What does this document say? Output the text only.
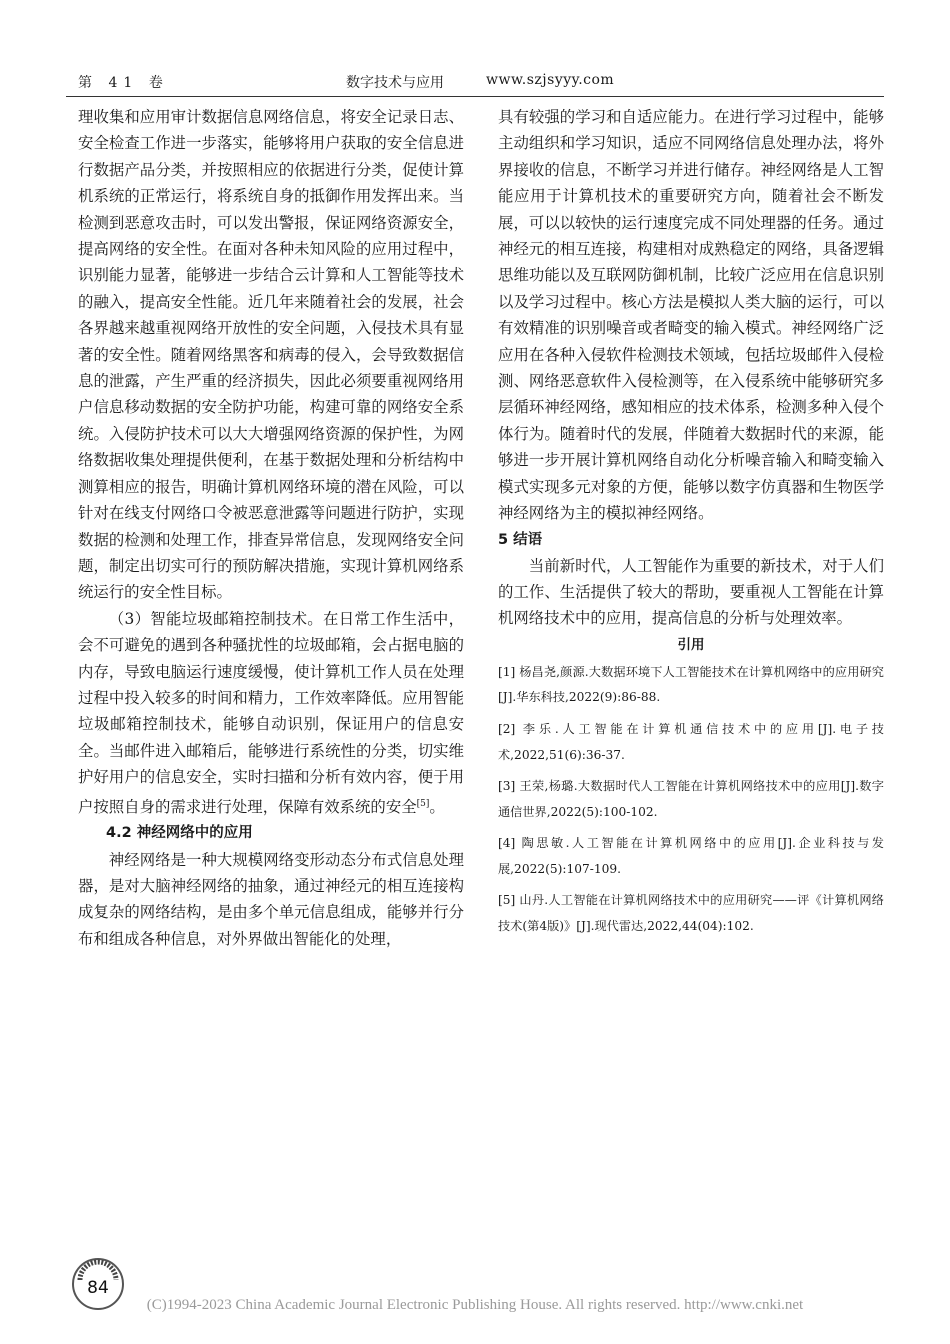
第 41 卷	数字技术与应用	www.szjsyyy.com

理收集和应用审计数据信息网络信息，将安全记录日志、安全检查工作进一步落实，能够将用户获取的安全信息进行数据产品分类，并按照相应的依据进行分类，促使计算机系统的正常运行，将系统自身的抵御作用发挥出来。当检测到恶意攻击时，可以发出警报，保证网络资源安全，提高网络的安全性。在面对各种未知风险的应用过程中，识别能力显著，能够进一步结合云计算和人工智能等技术的融入，提高安全性能。近几年来随着社会的发展，社会各界越来越重视网络开放性的安全问题，入侵技术具有显著的安全性。随着网络黑客和病毒的侵入，会导致数据信息的泄露，产生严重的经济损失，因此必须要重视网络用户信息移动数据的安全防护功能，构建可靠的网络安全系统。入侵防护技术可以大大增强网络资源的保护性，为网络数据收集处理提供便利，在基于数据处理和分析结构中测算相应的报告，明确计算机网络环境的潜在风险，可以针对在线支付网络口令被恶意泄露等问题进行防护，实现数据的检测和处理工作，排查异常信息，发现网络安全问题，制定出切实可行的预防解决措施，实现计算机网络系统运行的安全性目标。

（3）智能垃圾邮箱控制技术。在日常工作生活中，会不可避免的遇到各种骚扰性的垃圾邮箱，会占据电脑的内存，导致电脑运行速度缓慢，使计算机工作人员在处理过程中投入较多的时间和精力，工作效率降低。应用智能垃圾邮箱控制技术，能够自动识别，保证用户的信息安全。当邮件进入邮箱后，能够进行系统性的分类，切实维护好用户的信息安全，实时扫描和分析有效内容，便于用户按照自身的需求进行处理，保障有效系统的安全[5]。

4.2 神经网络中的应用

神经网络是一种大规模网络变形动态分布式信息处理器，是对大脑神经网络的抽象，通过神经元的相互连接构成复杂的网络结构，是由多个单元信息组成，能够并行分布和组成各种信息，对外界做出智能化的处理，

具有较强的学习和自适应能力。在进行学习过程中，能够主动组织和学习知识，适应不同网络信息处理办法，将外界接收的信息，不断学习并进行储存。神经网络是人工智能应用于计算机技术的重要研究方向，随着社会不断发展，可以以较快的运行速度完成不同处理器的任务。通过神经元的相互连接，构建相对成熟稳定的网络，具备逻辑思维功能以及互联网防御机制，比较广泛应用在信息识别以及学习过程中。核心方法是模拟人类大脑的运行，可以有效精准的识别噪音或者畸变的输入模式。神经网络广泛应用在各种入侵软件检测技术领域，包括垃圾邮件入侵检测、网络恶意软件入侵检测等，在入侵系统中能够研究多层循环神经网络，感知相应的技术体系，检测多种入侵个体行为。随着时代的发展，伴随着大数据时代的来源，能够进一步开展计算机网络自动化分析噪音输入和畸变输入模式实现多元对象的方便，能够以数字仿真器和生物医学神经网络为主的模拟神经网络。

5 结语

当前新时代，人工智能作为重要的新技术，对于人们的工作、生活提供了较大的帮助，要重视人工智能在计算机网络技术中的应用，提高信息的分析与处理效率。

引用

[1] 杨昌尧,颜源.大数据环境下人工智能技术在计算机网络中的应用研究[J].华东科技,2022(9):86-88.

[2] 李乐.人工智能在计算机通信技术中的应用[J].电子技术,2022,51(6):36-37.

[3] 王荣,杨璐.大数据时代人工智能在计算机网络技术中的应用[J].数字通信世界,2022(5):100-102.

[4] 陶思敏.人工智能在计算机网络中的应用[J].企业科技与发展,2022(5):107-109.

[5] 山丹.人工智能在计算机网络技术中的应用研究——评《计算机网络技术(第4版)》[J].现代雷达,2022,44(04):102.

84
(C)1994-2023 China Academic Journal Electronic Publishing House. All rights reserved. http://www.cnki.net
